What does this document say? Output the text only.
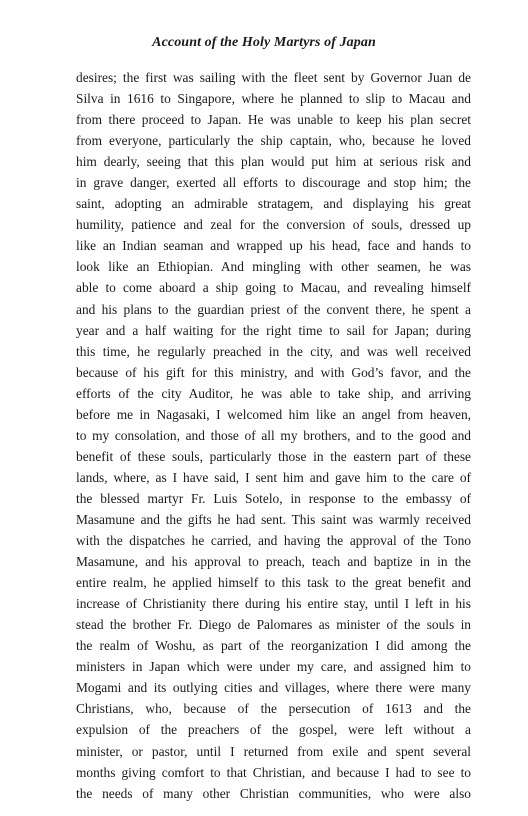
Account of the Holy Martyrs of Japan
desires; the first was sailing with the fleet sent by Governor Juan de
Silva in 1616 to Singapore, where he planned to slip to Macau and
from there proceed to Japan. He was unable to keep his plan secret
from everyone, particularly the ship captain, who, because he loved
him dearly, seeing that this plan would put him at serious risk and
in grave danger, exerted all efforts to discourage and stop him; the
saint, adopting an admirable stratagem, and displaying his great
humility, patience and zeal for the conversion of souls, dressed up
like an Indian seaman and wrapped up his head, face and hands to
look like an Ethiopian. And mingling with other seamen, he was
able to come aboard a ship going to Macau, and revealing himself
and his plans to the guardian priest of the convent there, he spent a
year and a half waiting for the right time to sail for Japan; during
this time, he regularly preached in the city, and was well received
because of his gift for this ministry, and with God’s favor, and the
efforts of the city Auditor, he was able to take ship, and arriving
before me in Nagasaki, I welcomed him like an angel from heaven,
to my consolation, and those of all my brothers, and to the good and
benefit of these souls, particularly those in the eastern part of these
lands, where, as I have said, I sent him and gave him to the care of
the blessed martyr Fr. Luis Sotelo, in response to the embassy of
Masamune and the gifts he had sent. This saint was warmly received
with the dispatches he carried, and having the approval of the Tono
Masamune, and his approval to preach, teach and baptize in in the
entire realm, he applied himself to this task to the great benefit and
increase of Christianity there during his entire stay, until I left in his
stead the brother Fr. Diego de Palomares as minister of the souls in
the realm of Woshu, as part of the reorganization I did among the
ministers in Japan which were under my care, and assigned him to
Mogami and its outlying cities and villages, where there were many
Christians, who, because of the persecution of 1613 and the
expulsion of the preachers of the gospel, were left without a
minister, or pastor, until I returned from exile and spent several
months giving comfort to that Christian, and because I had to see to
the needs of many other Christian communities, who were also
